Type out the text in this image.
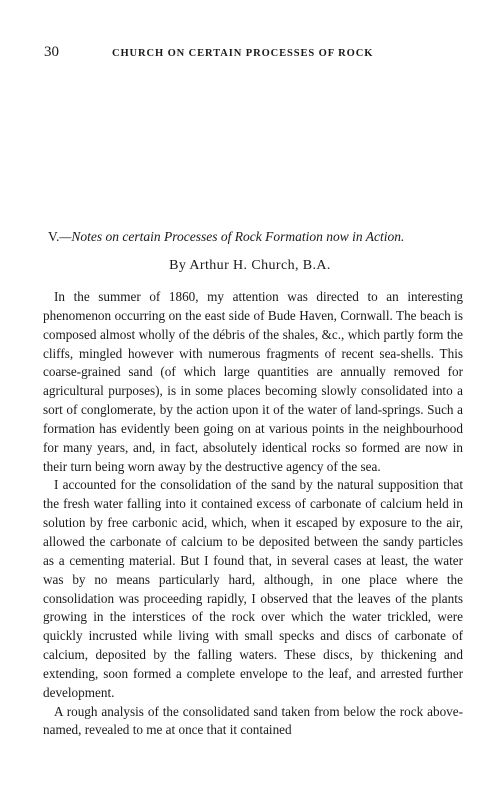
30	CHURCH ON CERTAIN PROCESSES OF ROCK
V.—Notes on certain Processes of Rock Formation now in Action.
By Arthur H. Church, B.A.

In the summer of 1860, my attention was directed to an interesting phenomenon occurring on the east side of Bude Haven, Cornwall. The beach is composed almost wholly of the débris of the shales, &c., which partly form the cliffs, mingled however with numerous fragments of recent sea-shells. This coarse-grained sand (of which large quantities are annually removed for agricultural purposes), is in some places becoming slowly consolidated into a sort of conglomerate, by the action upon it of the water of land-springs. Such a formation has evidently been going on at various points in the neighbourhood for many years, and, in fact, absolutely identical rocks so formed are now in their turn being worn away by the destructive agency of the sea.

I accounted for the consolidation of the sand by the natural supposition that the fresh water falling into it contained excess of carbonate of calcium held in solution by free carbonic acid, which, when it escaped by exposure to the air, allowed the carbonate of calcium to be deposited between the sandy particles as a cementing material. But I found that, in several cases at least, the water was by no means particularly hard, although, in one place where the consolidation was proceeding rapidly, I observed that the leaves of the plants growing in the interstices of the rock over which the water trickled, were quickly incrusted while living with small specks and discs of carbonate of calcium, deposited by the falling waters. These discs, by thickening and extending, soon formed a complete envelope to the leaf, and arrested further development.

A rough analysis of the consolidated sand taken from below the rock above-named, revealed to me at once that it contained
